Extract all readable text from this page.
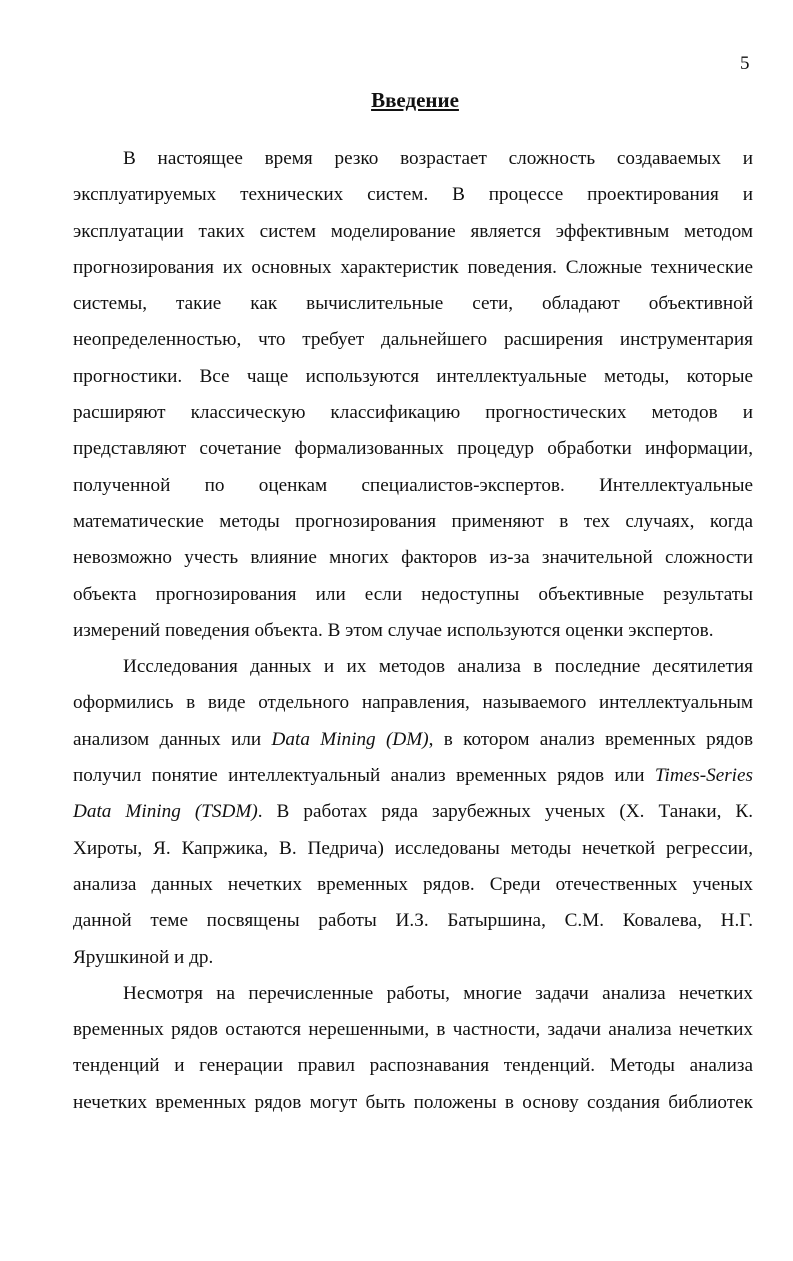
5
Введение
В настоящее время резко возрастает сложность создаваемых и
эксплуатируемых технических систем. В процессе проектирования и
эксплуатации таких систем моделирование является эффективным методом
прогнозирования их основных характеристик поведения. Сложные технические
системы, такие как вычислительные сети, обладают объективной
неопределенностью, что требует дальнейшего расширения инструментария
прогностики. Все чаще используются интеллектуальные методы, которые
расширяют классическую классификацию прогностических методов и
представляют сочетание формализованных процедур обработки информации,
полученной по оценкам специалистов-экспертов. Интеллектуальные
математические методы прогнозирования применяют в тех случаях, когда
невозможно учесть влияние многих факторов из-за значительной сложности
объекта прогнозирования или если недоступны объективные результаты
измерений поведения объекта. В этом случае используются оценки экспертов.
Исследования данных и их методов анализа в последние десятилетия
оформились в виде отдельного направления, называемого интеллектуальным
анализом данных или Data Mining (DM), в котором анализ временных рядов
получил понятие интеллектуальный анализ временных рядов или Times-Series
Data Mining (TSDM). В работах ряда зарубежных ученых (Х. Танаки, К.
Хироты, Я. Капржика, В. Педрича) исследованы методы нечеткой регрессии,
анализа данных нечетких временных рядов. Среди отечественных ученых
данной теме посвящены работы И.З. Батыршина, С.М. Ковалева, Н.Г.
Ярушкиной и др.
Несмотря на перечисленные работы, многие задачи анализа нечетких
временных рядов остаются нерешенными, в частности, задачи анализа нечетких
тенденций и генерации правил распознавания тенденций. Методы анализа
нечетких временных рядов могут быть положены в основу создания библиотек
